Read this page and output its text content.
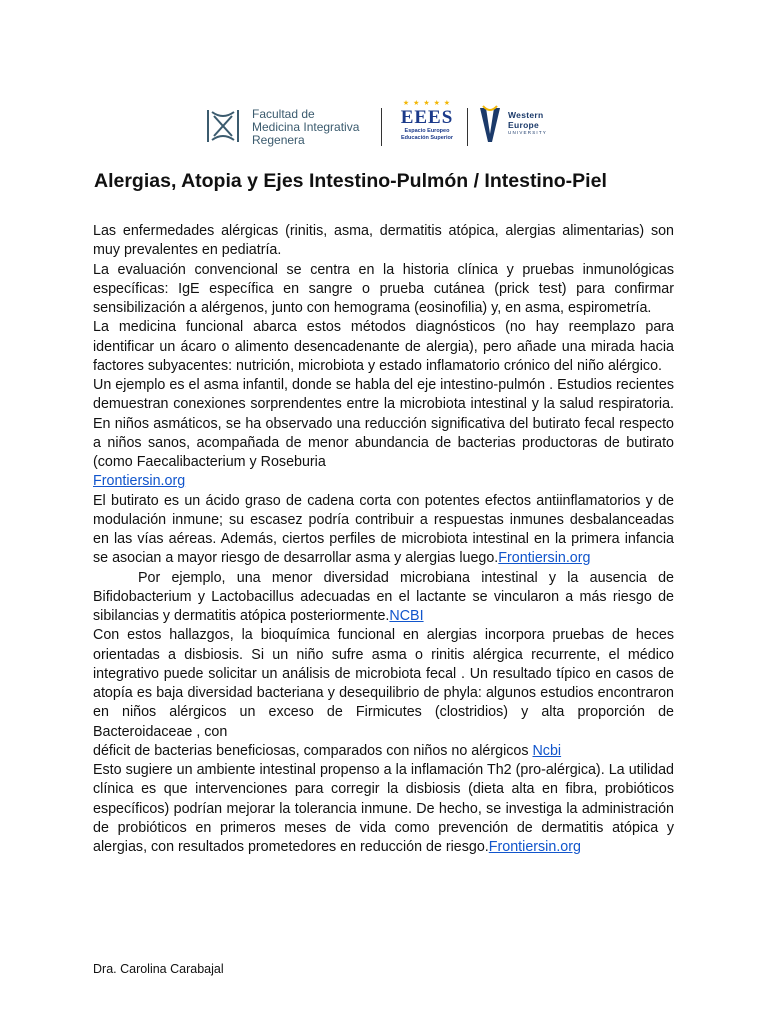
Facultad de
Medicina Integrativa
Regenera
★ ★ ★ ★ ★
EEES
Espacio Europeo
Educación Superior
Western
Europe
UNIVERSITY
Alergias, Atopia y Ejes Intestino-Pulmón / Intestino-Piel

Las enfermedades alérgicas (rinitis, asma, dermatitis atópica, alergias alimentarias) son muy prevalentes en pediatría.

La evaluación convencional se centra en la historia clínica y pruebas inmunológicas específicas: IgE específica en sangre o prueba cutánea (prick test) para confirmar sensibilización a alérgenos, junto con hemograma (eosinofilia) y, en asma, espirometría.

La medicina funcional abarca estos métodos diagnósticos (no hay reemplazo para identificar un ácaro o alimento desencadenante de alergia), pero añade una mirada hacia factores subyacentes: nutrición, microbiota y estado inflamatorio crónico del niño alérgico.

Un ejemplo es el asma infantil, donde se habla del eje intestino-pulmón . Estudios recientes demuestran conexiones sorprendentes entre la microbiota intestinal y la salud respiratoria. En niños asmáticos, se ha observado una reducción significativa del butirato fecal respecto a niños sanos, acompañada de menor abundancia de bacterias productoras de butirato (como Faecalibacterium y Roseburia
Frontiersin.org

El butirato es un ácido graso de cadena corta con potentes efectos antiinflamatorios y de modulación inmune; su escasez podría contribuir a respuestas inmunes desbalanceadas en las vías aéreas. Además, ciertos perfiles de microbiota intestinal en la primera infancia se asocian a mayor riesgo de desarrollar asma y alergias luego.Frontiersin.org

Por ejemplo, una menor diversidad microbiana intestinal y la ausencia de Bifidobacterium y Lactobacillus adecuadas en el lactante se vincularon a más riesgo de sibilancias y dermatitis atópica posteriormente.NCBI

Con estos hallazgos, la bioquímica funcional en alergias incorpora pruebas de heces orientadas a disbiosis. Si un niño sufre asma o rinitis alérgica recurrente, el médico integrativo puede solicitar un análisis de microbiota fecal . Un resultado típico en casos de atopía es baja diversidad bacteriana y desequilibrio de phyla: algunos estudios encontraron en niños alérgicos un exceso de Firmicutes (clostridios) y alta proporción de Bacteroidaceae , con

déficit de bacterias beneficiosas, comparados con niños no alérgicos Ncbi

Esto sugiere un ambiente intestinal propenso a la inflamación Th2 (pro-alérgica). La utilidad clínica es que intervenciones para corregir la disbiosis (dieta alta en fibra, probióticos específicos) podrían mejorar la tolerancia inmune. De hecho, se investiga la administración de probióticos en primeros meses de vida como prevención de dermatitis atópica y alergias, con resultados prometedores en reducción de riesgo.Frontiersin.org

Dra. Carolina Carabajal
